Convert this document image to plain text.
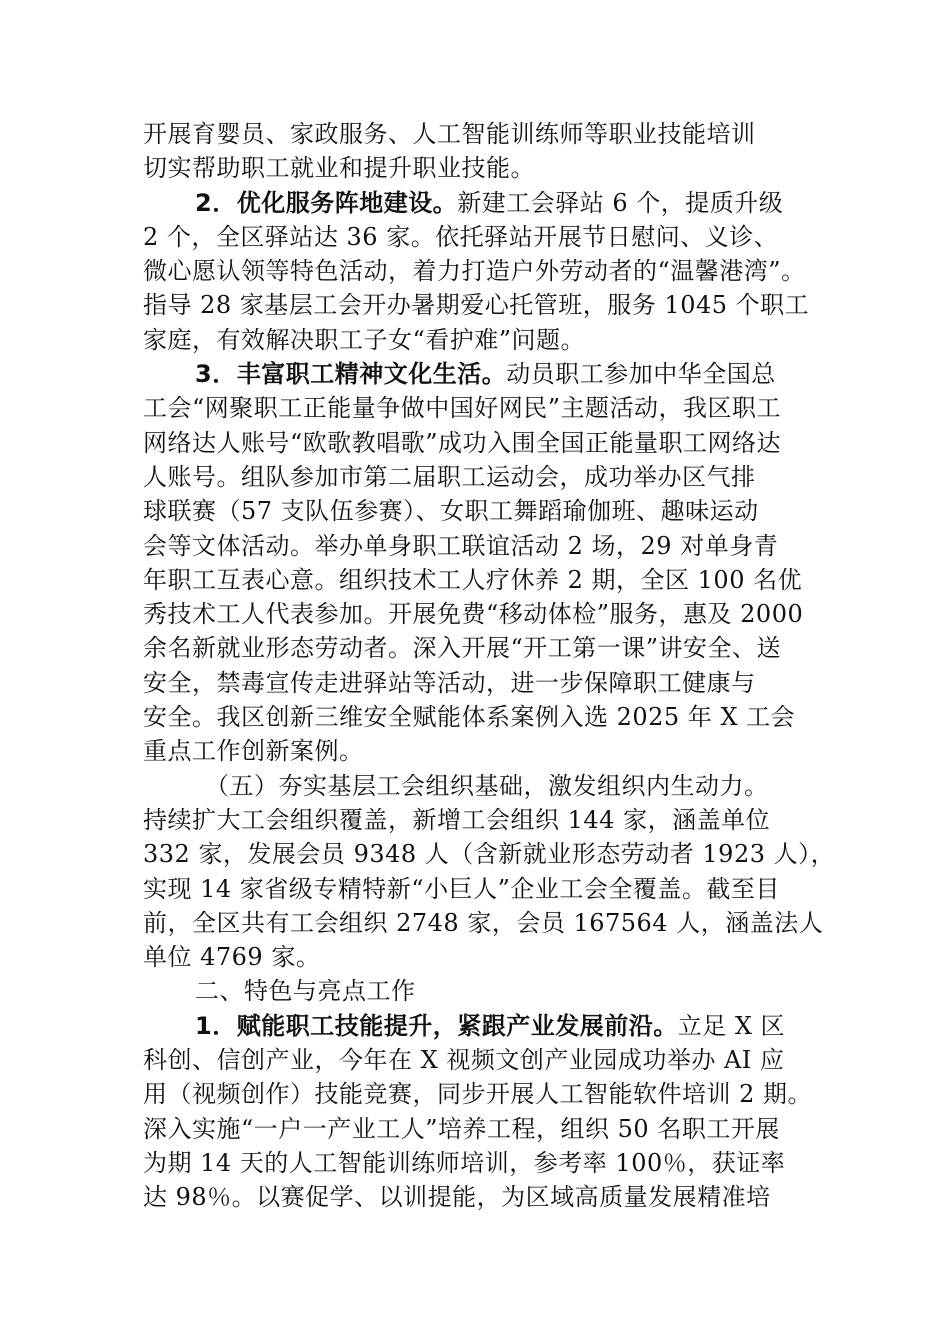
开展育婴员、家政服务、人工智能训练师等职业技能培训
切实帮助职工就业和提升职业技能。
2．优化服务阵地建设。新建工会驿站 6 个，提质升级
2 个，全区驿站达 36 家。依托驿站开展节日慰问、义诊、
微心愿认领等特色活动，着力打造户外劳动者的“温馨港湾”。
指导 28 家基层工会开办暑期爱心托管班，服务 1045 个职工
家庭，有效解决职工子女“看护难”问题。
3．丰富职工精神文化生活。动员职工参加中华全国总
工会“网聚职工正能量争做中国好网民”主题活动，我区职工
网络达人账号“欧歌教唱歌”成功入围全国正能量职工网络达
人账号。组队参加市第二届职工运动会，成功举办区气排
球联赛（57 支队伍参赛）、女职工舞蹈瑜伽班、趣味运动
会等文体活动。举办单身职工联谊活动 2 场，29 对单身青
年职工互表心意。组织技术工人疗休养 2 期，全区 100 名优
秀技术工人代表参加。开展免费“移动体检”服务，惠及 2000
余名新就业形态劳动者。深入开展“开工第一课”讲安全、送
安全，禁毒宣传走进驿站等活动，进一步保障职工健康与
安全。我区创新三维安全赋能体系案例入选 2025 年 X 工会
重点工作创新案例。
（五）夯实基层工会组织基础，激发组织内生动力。
持续扩大工会组织覆盖，新增工会组织 144 家，涵盖单位
332 家，发展会员 9348 人（含新就业形态劳动者 1923 人），
实现 14 家省级专精特新“小巨人”企业工会全覆盖。截至目
前，全区共有工会组织 2748 家，会员 167564 人，涵盖法人
单位 4769 家。
二、特色与亮点工作
1．赋能职工技能提升，紧跟产业发展前沿。立足 X 区
科创、信创产业，今年在 X 视频文创产业园成功举办 AI 应
用（视频创作）技能竞赛，同步开展人工智能软件培训 2 期。
深入实施“一户一产业工人”培养工程，组织 50 名职工开展
为期 14 天的人工智能训练师培训，参考率 100％，获证率
达 98％。以赛促学、以训提能，为区域高质量发展精准培
